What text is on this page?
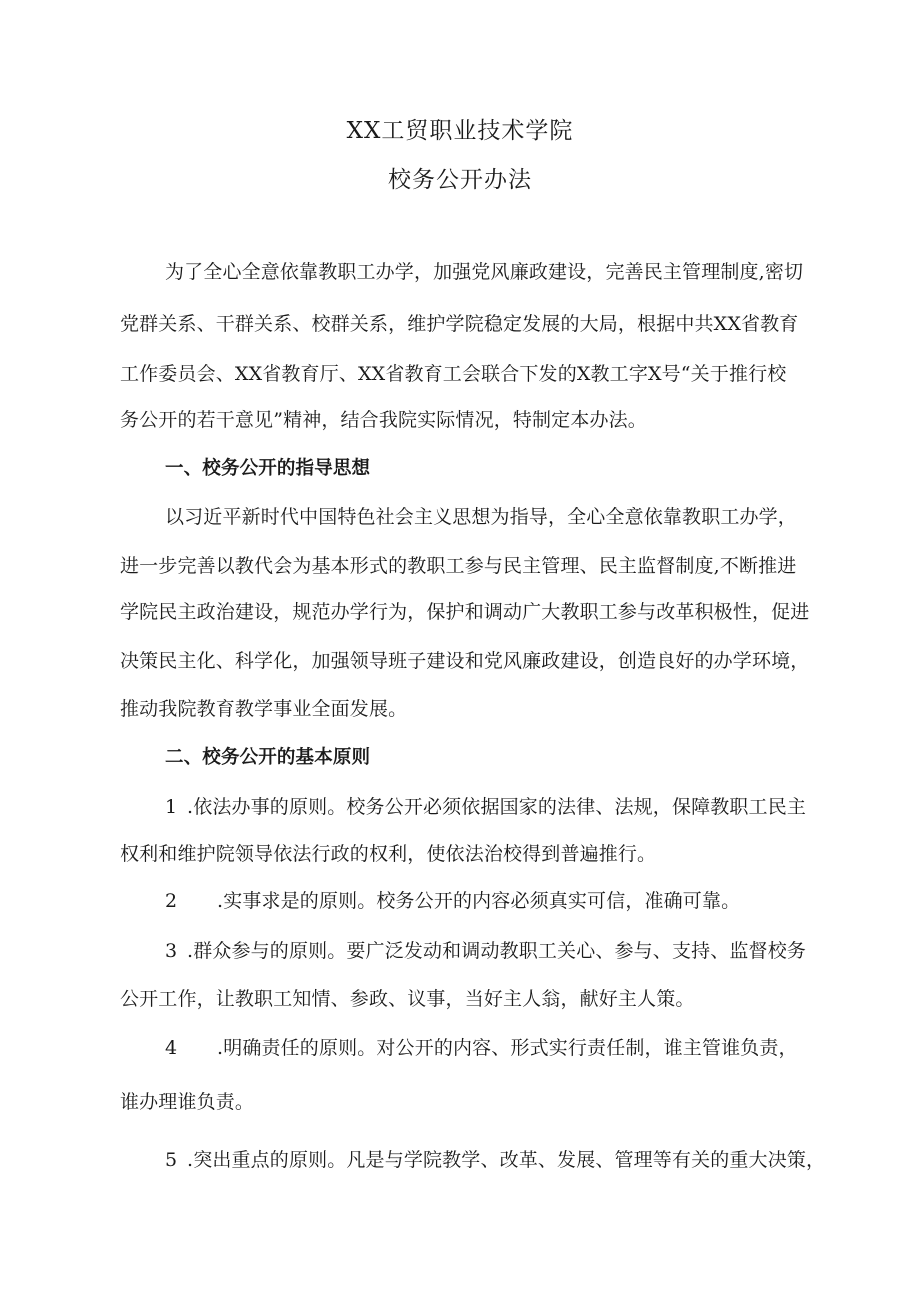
XX工贸职业技术学院
校务公开办法
为了全心全意依靠教职工办学，加强党风廉政建设，完善民主管理制度,密切
党群关系、干群关系、校群关系，维护学院稳定发展的大局，根据中共XX省教育
工作委员会、XX省教育厅、XX省教育工会联合下发的X教工字X号“关于推行校
务公开的若干意见”精神，结合我院实际情况，特制定本办法。
一、校务公开的指导思想
以习近平新时代中国特色社会主义思想为指导，全心全意依靠教职工办学，
进一步完善以教代会为基本形式的教职工参与民主管理、民主监督制度,不断推进
学院民主政治建设，规范办学行为，保护和调动广大教职工参与改革积极性，促进
决策民主化、科学化，加强领导班子建设和党风廉政建设，创造良好的办学环境，
推动我院教育教学事业全面发展。
二、校务公开的基本原则
1 .依法办事的原则。校务公开必须依据国家的法律、法规，保障教职工民主
权利和维护院领导依法行政的权利，使依法治校得到普遍推行。
2 .实事求是的原则。校务公开的内容必须真实可信，准确可靠。
3 .群众参与的原则。要广泛发动和调动教职工关心、参与、支持、监督校务
公开工作，让教职工知情、参政、议事，当好主人翁，献好主人策。
4 .明确责任的原则。对公开的内容、形式实行责任制，谁主管谁负责，
谁办理谁负责。
5 .突出重点的原则。凡是与学院教学、改革、发展、管理等有关的重大决策，
